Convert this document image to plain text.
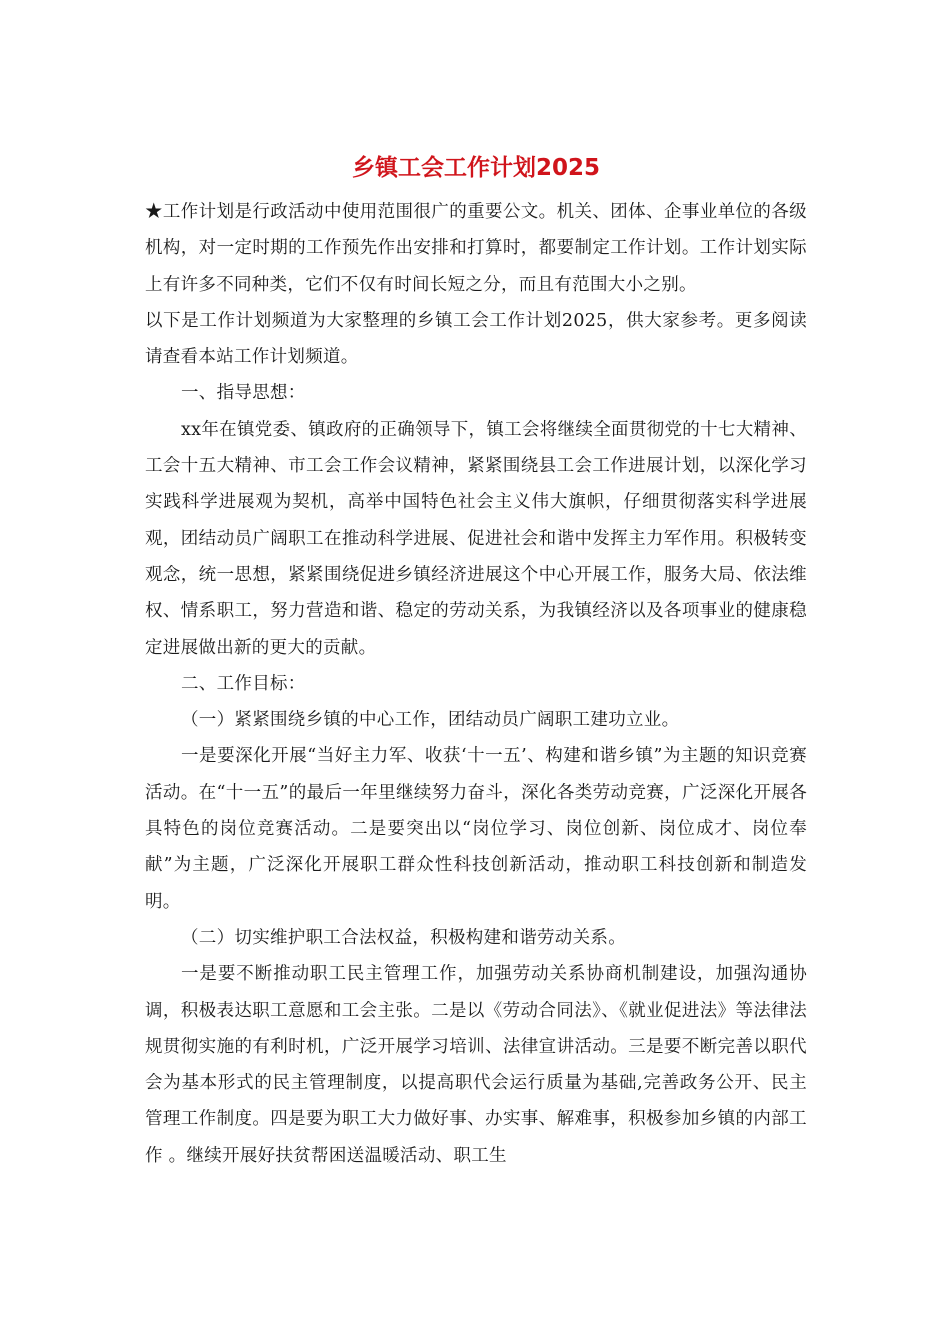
乡镇工会工作计划2025

★工作计划是行政活动中使用范围很广的重要公文。机关、团体、企事业单位的各级机构，对一定时期的工作预先作出安排和打算时，都要制定工作计划。工作计划实际上有许多不同种类，它们不仅有时间长短之分，而且有范围大小之别。

以下是工作计划频道为大家整理的乡镇工会工作计划2025，供大家参考。更多阅读请查看本站工作计划频道。

一、指导思想：

xx年在镇党委、镇政府的正确领导下，镇工会将继续全面贯彻党的十七大精神、工会十五大精神、市工会工作会议精神，紧紧围绕县工会工作进展计划，以深化学习实践科学进展观为契机，高举中国特色社会主义伟大旗帜，仔细贯彻落实科学进展观，团结动员广阔职工在推动科学进展、促进社会和谐中发挥主力军作用。积极转变观念，统一思想，紧紧围绕促进乡镇经济进展这个中心开展工作，服务大局、依法维权、情系职工，努力营造和谐、稳定的劳动关系，为我镇经济以及各项事业的健康稳定进展做出新的更大的贡献。

二、工作目标：

（一）紧紧围绕乡镇的中心工作，团结动员广阔职工建功立业。

一是要深化开展“当好主力军、收获‘十一五’、构建和谐乡镇”为主题的知识竞赛活动。在“十一五”的最后一年里继续努力奋斗，深化各类劳动竞赛，广泛深化开展各具特色的岗位竞赛活动。二是要突出以“岗位学习、岗位创新、岗位成才、岗位奉献”为主题，广泛深化开展职工群众性科技创新活动，推动职工科技创新和制造发明。

（二）切实维护职工合法权益，积极构建和谐劳动关系。

一是要不断推动职工民主管理工作，加强劳动关系协商机制建设，加强沟通协调，积极表达职工意愿和工会主张。二是以《劳动合同法》、《就业促进法》等法律法规贯彻实施的有利时机，广泛开展学习培训、法律宣讲活动。三是要不断完善以职代会为基本形式的民主管理制度，以提高职代会运行质量为基础,完善政务公开、民主管理工作制度。四是要为职工大力做好事、办实事、解难事，积极参加乡镇的内部工作 。继续开展好扶贫帮困送温暖活动、职工生
